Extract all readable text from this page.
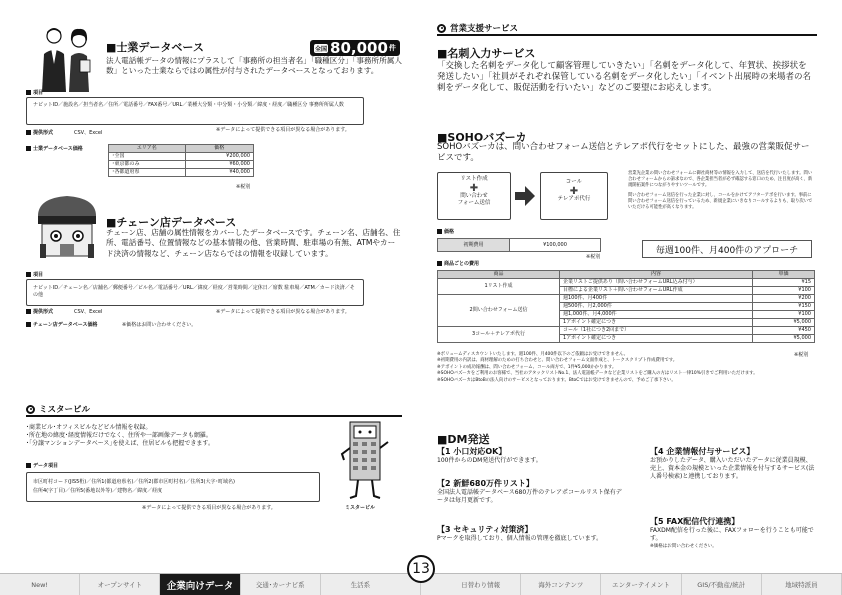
■士業データベース	全国 80,000 件
法人電話帳データの情報にプラスして「事務所の担当者名」「職種区分」「事務所所属人数」といった士業ならではの属性が付与されたデータベースとなっております。
項目
ナビットID／施設名／担当者名／住所／電話番号／FAX番号／URL／業種大分類・中分類・小分類／緯度・経度／職種区分 事務所所属人数
提供形式	CSV、Excel	※データによって提供できる項目が異なる場合があります。
士業データベース価格	エリア名	価格
･全国	¥200,000
･東京都のみ	¥60,000
･各都道府県	¥40,000
※税別
■チェーン店データベース
チェーン店、店舗の属性情報をカバーしたデータベースです。チェーン名、店舗名、住所、電話番号、位置情報などの基本情報の他、営業時間、駐車場の有無、ATMやカード決済の情報など、チェーン店ならではの情報を収録しています。
項目
ナビットID／チェーン名／店舗名／郵便番号／ビル名／電話番号／URL／緯度／経度／営業時間／定休日／席数 駐車場／ATM／カード決済／その他
提供形式	CSV、Excel	※データによって提供できる項目が異なる場合があります。
チェーン店データベース価格	※価格はお問い合わせください。
ミスタービル
･商業ビル･オフィスビルなどビル情報を収録。
･所在地の緯度･経度情報だけでなく、住所や一部画像データも網羅。
･｢分譲マンションデータベース｣を使えば、住居ビルも把握できます。
データ項目
市区町村コード(JIS5桁)／住所1(都道府県名)／住所2(郡市区町村名)／住所3(大字･町域名)
住所4(字丁目)／住所5(番地以外等)／建物名／緯度／経度
※データによって提供できる項目が異なる場合があります。	ミスタービル
営業支援サービス
■名刺入力サービス
「交換した名刺をデータ化して顧客管理していきたい」「名刺をデータ化して、年賀状、挨拶状を発送したい」「社員がそれぞれ保管している名刺をデータ化したい」「イベント出展時の来場者の名刺をデータ化して、販促活動を行いたい」などのご要望にお応えします。
■SOHOバズーカ
SOHOバズーカは、問い合わせフォーム送信とテレアポ代行をセットにした、最強の営業販促サービスです。
リスト作成
✚
問い合わせ
フォーム送信
コール
✚
テレアポ代行
営業先企業の問い合わせフォームに御社商材等の情報を入力して、送信を代行いたします。問い合わせフォームからの訴求なので、各企業担当者が必ず確認する窓口のため、注目度が高く、新規開拓案件につながりやすいツールです。
問い合わせフォーム送信を行った企業に対し、コールをかけてアフターアポを行います。事前に問い合わせフォーム送信を行っているため、新規企業にいきなりコールするよりも、取り次いでいただける可能性が高くなります。
価格
初期費用	¥100,000
※税別
毎週100件、月400件のアプローチ
商品ごとの費用
商品	内容	単価
1リスト作成	企業リストご提供あり（問い合わせフォームURL込み付与）	¥15
	目標による企業リスト＋問い合わせフォームURL作成	¥100
2問い合わせフォーム送信	週100件、月400件	¥200
	週500件、月2,000件	¥150
	週1,000件、月4,000件	¥100
	1アポイント確定につき	¥5,000
3コール＋テレアポ代行	コール（1社につき2回まで）	¥450
	1アポイント確定につき	¥5,000
※ボリュームディスカウントいたします。週100件、月400件以下のご依頼はお受けできません。
※初期費用の内訳は、商材理解のための打ち合わせと、問い合わせフォーム文面作成と、トークスクリプト作成費用です。
※アポイントの成功報酬は、問い合わせフォーム、コール両方で、1件¥5,000かかります。
※SOHOバズーカをご利用のお客様で、当社のアタックリストNo.1、法人電話帳データなど企業リストをご購入の方はリスト一律10%引きでご利用いただけます。
※SOHOバズーカはBtoBの法人向けのサービスとなっております。BtoCではお受けできませんので、予めご了承下さい。
※税別
■DM発送
【1 小口対応OK】
100件からのDM発送代行ができます。
【2 新鮮680万件リスト】
全国法人電話帳データベース680万件のテレアポコールリスト保有データは毎月更新です。
【3 セキュリティ対策済】
Pマークを取得しており、個人情報の管理を徹底しています。
【4 企業情報付与サービス】
お預かりしたデータ、購入いただいたデータに従業員規模、売上、資本金の規模といった企業情報を付与するサービス(法人番号検索)と連携しております。
【5 FAX配信代行連携】
FAXDM配信を行った後に、FAXフォローを行うことも可能です。
※価格はお問い合わせください。
13
New!	オープンサイト	企業向けデータ	交通･カーナビ系	生活系	日替わり情報	海外コンテンツ	エンターテイメント	GIS/不動産/統計	地域特派員
